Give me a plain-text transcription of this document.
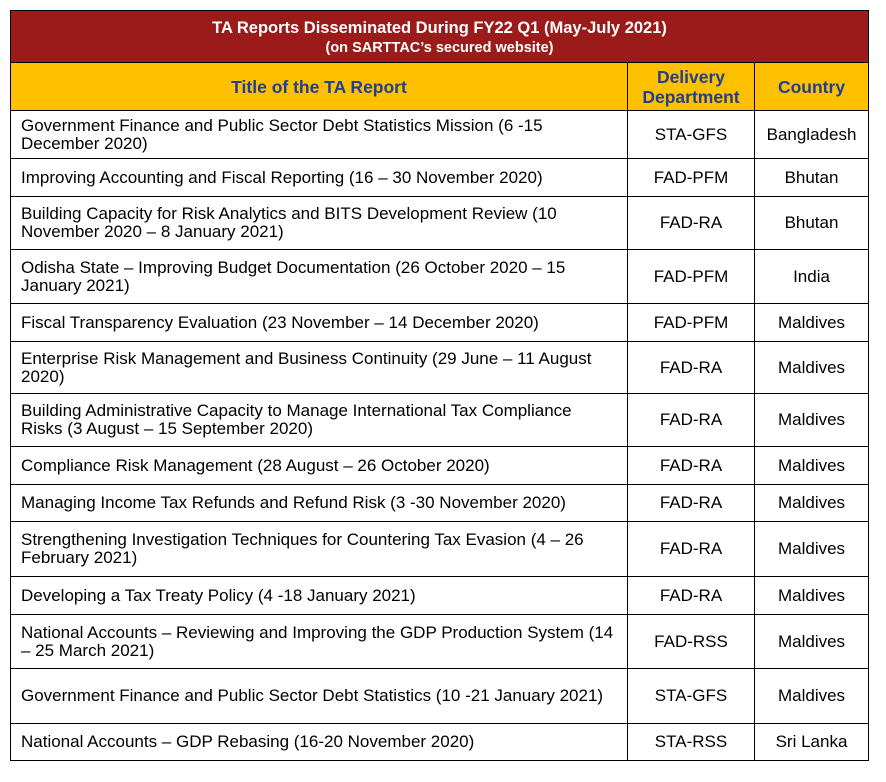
TA Reports Disseminated During FY22 Q1 (May-July 2021)
(on SARTTAC’s secured website)		

Title of the TA Report	Delivery Department	Country
Government Finance and Public Sector Debt Statistics Mission (6 -15 December 2020)	STA-GFS	Bangladesh
Improving Accounting and Fiscal Reporting (16 – 30 November 2020)	FAD-PFM	Bhutan
Building Capacity for Risk Analytics and BITS Development Review (10 November 2020 – 8 January 2021)	FAD-RA	Bhutan
Odisha State – Improving Budget Documentation (26 October 2020 – 15 January 2021)	FAD-PFM	India
Fiscal Transparency Evaluation (23 November – 14 December 2020)	FAD-PFM	Maldives
Enterprise Risk Management and Business Continuity (29 June – 11 August 2020)	FAD-RA	Maldives
Building Administrative Capacity to Manage International Tax Compliance Risks (3 August – 15 September 2020)	FAD-RA	Maldives
Compliance Risk Management (28 August – 26 October 2020)	FAD-RA	Maldives
Managing Income Tax Refunds and Refund Risk (3 -30 November 2020)	FAD-RA	Maldives
Strengthening Investigation Techniques for Countering Tax Evasion (4 – 26 February 2021)	FAD-RA	Maldives
Developing a Tax Treaty Policy (4 -18 January 2021)	FAD-RA	Maldives
National Accounts – Reviewing and Improving the GDP Production System (14 – 25 March 2021)	FAD-RSS	Maldives
Government Finance and Public Sector Debt Statistics (10 -21 January 2021)	STA-GFS	Maldives
National Accounts – GDP Rebasing (16-20 November 2020)	STA-RSS	Sri Lanka
